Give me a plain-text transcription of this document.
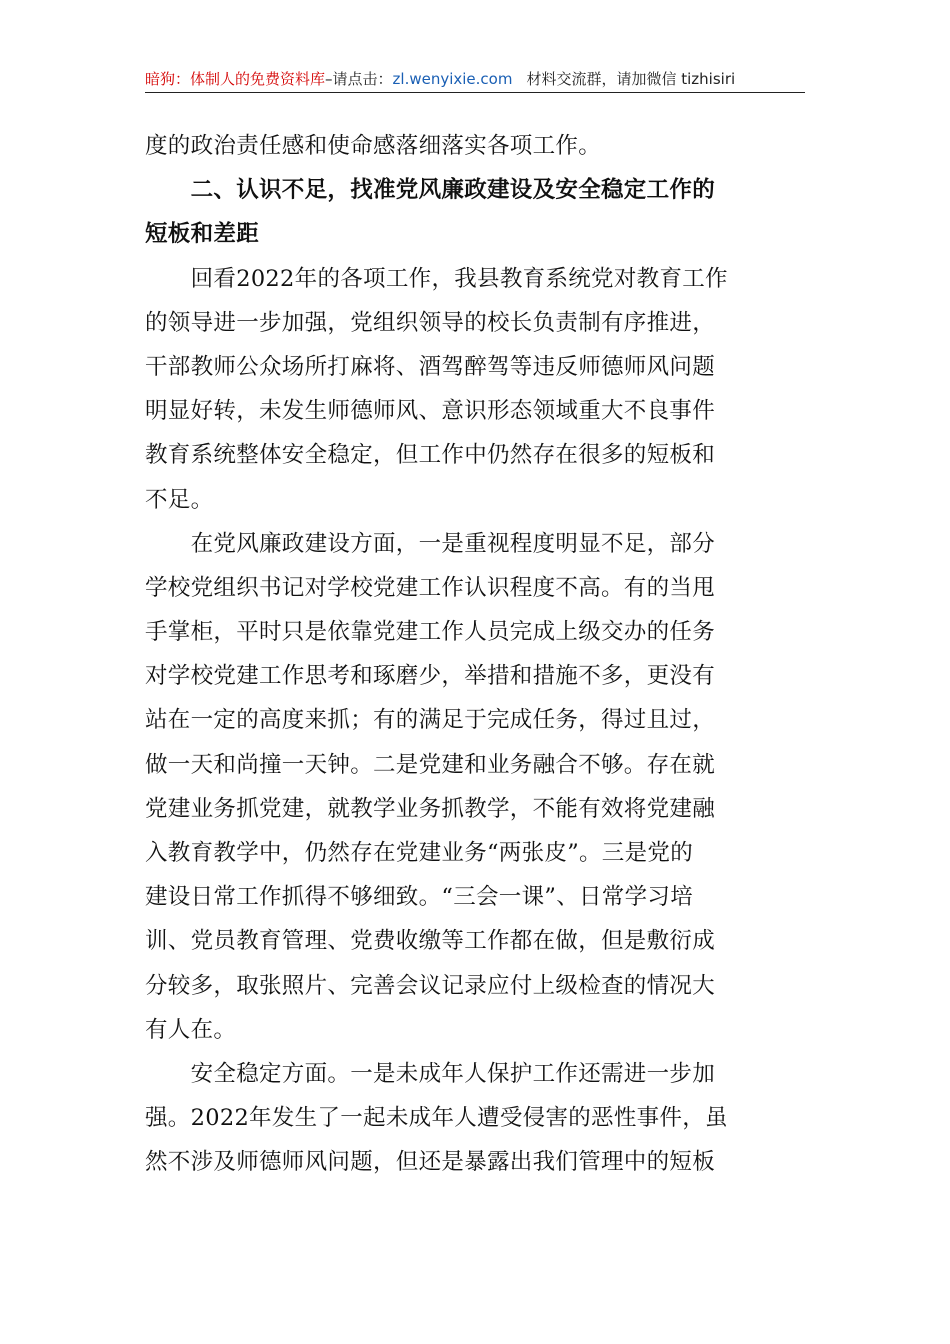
暗狗：体制人的免费资料库–请点击：zl.wenyixie.com 材料交流群，请加微信 tizhisiri
度的政治责任感和使命感落细落实各项工作。
　　二、认识不足，找准党风廉政建设及安全稳定工作的
短板和差距
　　回看2022年的各项工作，我县教育系统党对教育工作
的领导进一步加强，党组织领导的校长负责制有序推进，
干部教师公众场所打麻将、酒驾醉驾等违反师德师风问题
明显好转，未发生师德师风、意识形态领域重大不良事件
教育系统整体安全稳定，但工作中仍然存在很多的短板和
不足。
　　在党风廉政建设方面，一是重视程度明显不足，部分
学校党组织书记对学校党建工作认识程度不高。有的当甩
手掌柜，平时只是依靠党建工作人员完成上级交办的任务
对学校党建工作思考和琢磨少，举措和措施不多，更没有
站在一定的高度来抓；有的满足于完成任务，得过且过，
做一天和尚撞一天钟。二是党建和业务融合不够。存在就
党建业务抓党建，就教学业务抓教学，不能有效将党建融
入教育教学中，仍然存在党建业务“两张皮”。三是党的
建设日常工作抓得不够细致。“三会一课”、日常学习培
训、党员教育管理、党费收缴等工作都在做，但是敷衍成
分较多，取张照片、完善会议记录应付上级检查的情况大
有人在。
　　安全稳定方面。一是未成年人保护工作还需进一步加
强。2022年发生了一起未成年人遭受侵害的恶性事件，虽
然不涉及师德师风问题，但还是暴露出我们管理中的短板
